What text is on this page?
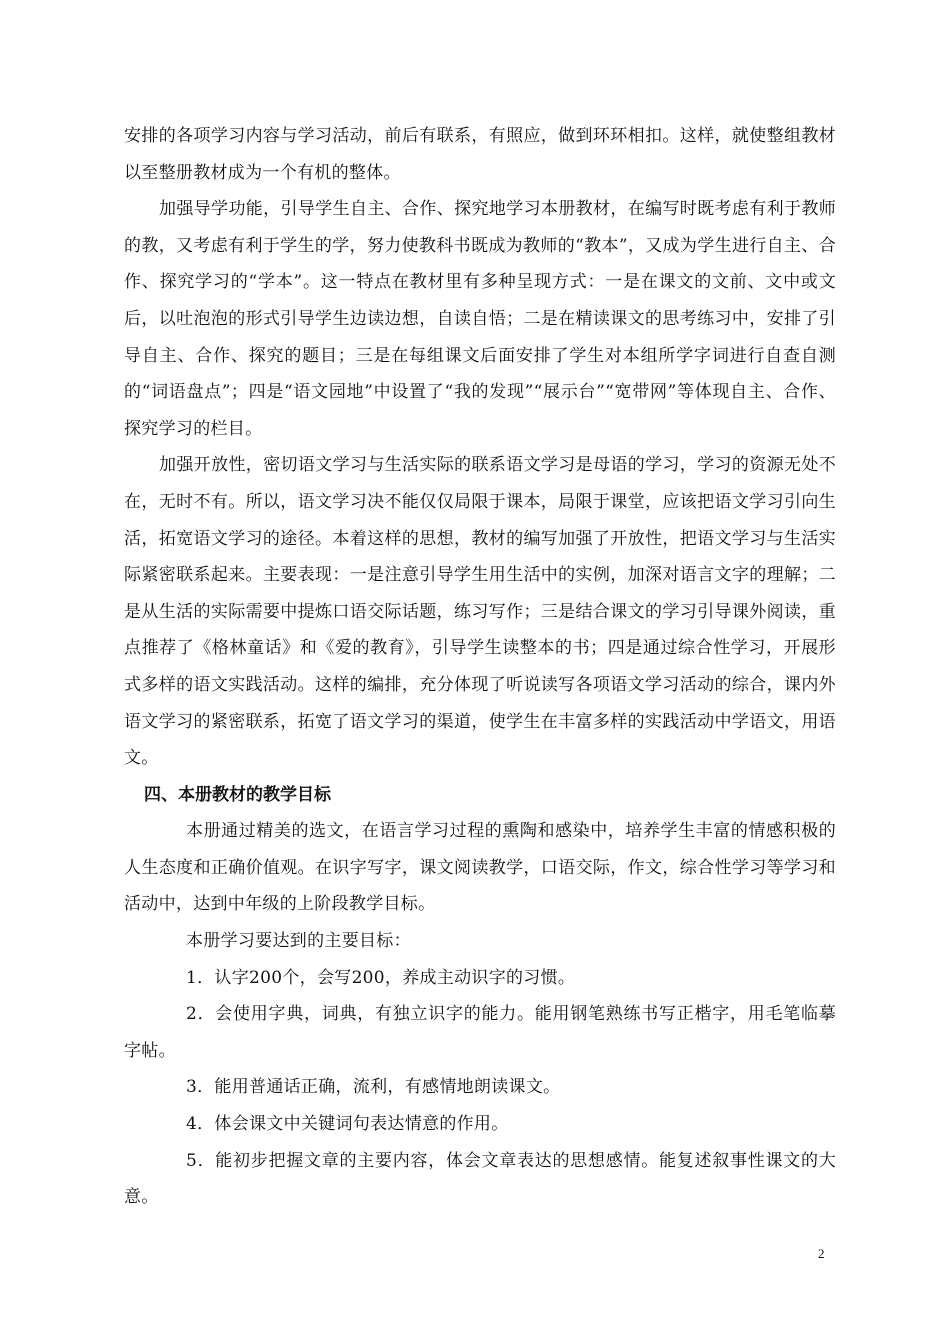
安排的各项学习内容与学习活动，前后有联系，有照应，做到环环相扣。这样，就使整组教材以至整册教材成为一个有机的整体。

加强导学功能，引导学生自主、合作、探究地学习本册教材，在编写时既考虑有利于教师的教，又考虑有利于学生的学，努力使教科书既成为教师的“教本”，又成为学生进行自主、合作、探究学习的“学本”。这一特点在教材里有多种呈现方式：一是在课文的文前、文中或文后，以吐泡泡的形式引导学生边读边想，自读自悟；二是在精读课文的思考练习中，安排了引导自主、合作、探究的题目；三是在每组课文后面安排了学生对本组所学字词进行自查自测的“词语盘点”；四是“语文园地”中设置了“我的发现”“展示台”“宽带网”等体现自主、合作、探究学习的栏目。

加强开放性，密切语文学习与生活实际的联系语文学习是母语的学习，学习的资源无处不在，无时不有。所以，语文学习决不能仅仅局限于课本，局限于课堂，应该把语文学习引向生活，拓宽语文学习的途径。本着这样的思想，教材的编写加强了开放性，把语文学习与生活实际紧密联系起来。主要表现：一是注意引导学生用生活中的实例，加深对语言文字的理解；二是从生活的实际需要中提炼口语交际话题，练习写作；三是结合课文的学习引导课外阅读，重点推荐了《格林童话》和《爱的教育》，引导学生读整本的书；四是通过综合性学习，开展形式多样的语文实践活动。这样的编排，充分体现了听说读写各项语文学习活动的综合，课内外语文学习的紧密联系，拓宽了语文学习的渠道，使学生在丰富多样的实践活动中学语文，用语文。

四、本册教材的教学目标

本册通过精美的选文，在语言学习过程的熏陶和感染中，培养学生丰富的情感积极的人生态度和正确价值观。在识字写字，课文阅读教学，口语交际，作文，综合性学习等学习和活动中，达到中年级的上阶段教学目标。

本册学习要达到的主要目标：

1．认字200个，会写200，养成主动识字的习惯。

2．会使用字典，词典，有独立识字的能力。能用钢笔熟练书写正楷字，用毛笔临摹字帖。

3．能用普通话正确，流利，有感情地朗读课文。

4．体会课文中关键词句表达情意的作用。

5．能初步把握文章的主要内容，体会文章表达的思想感情。能复述叙事性课文的大意。

2
